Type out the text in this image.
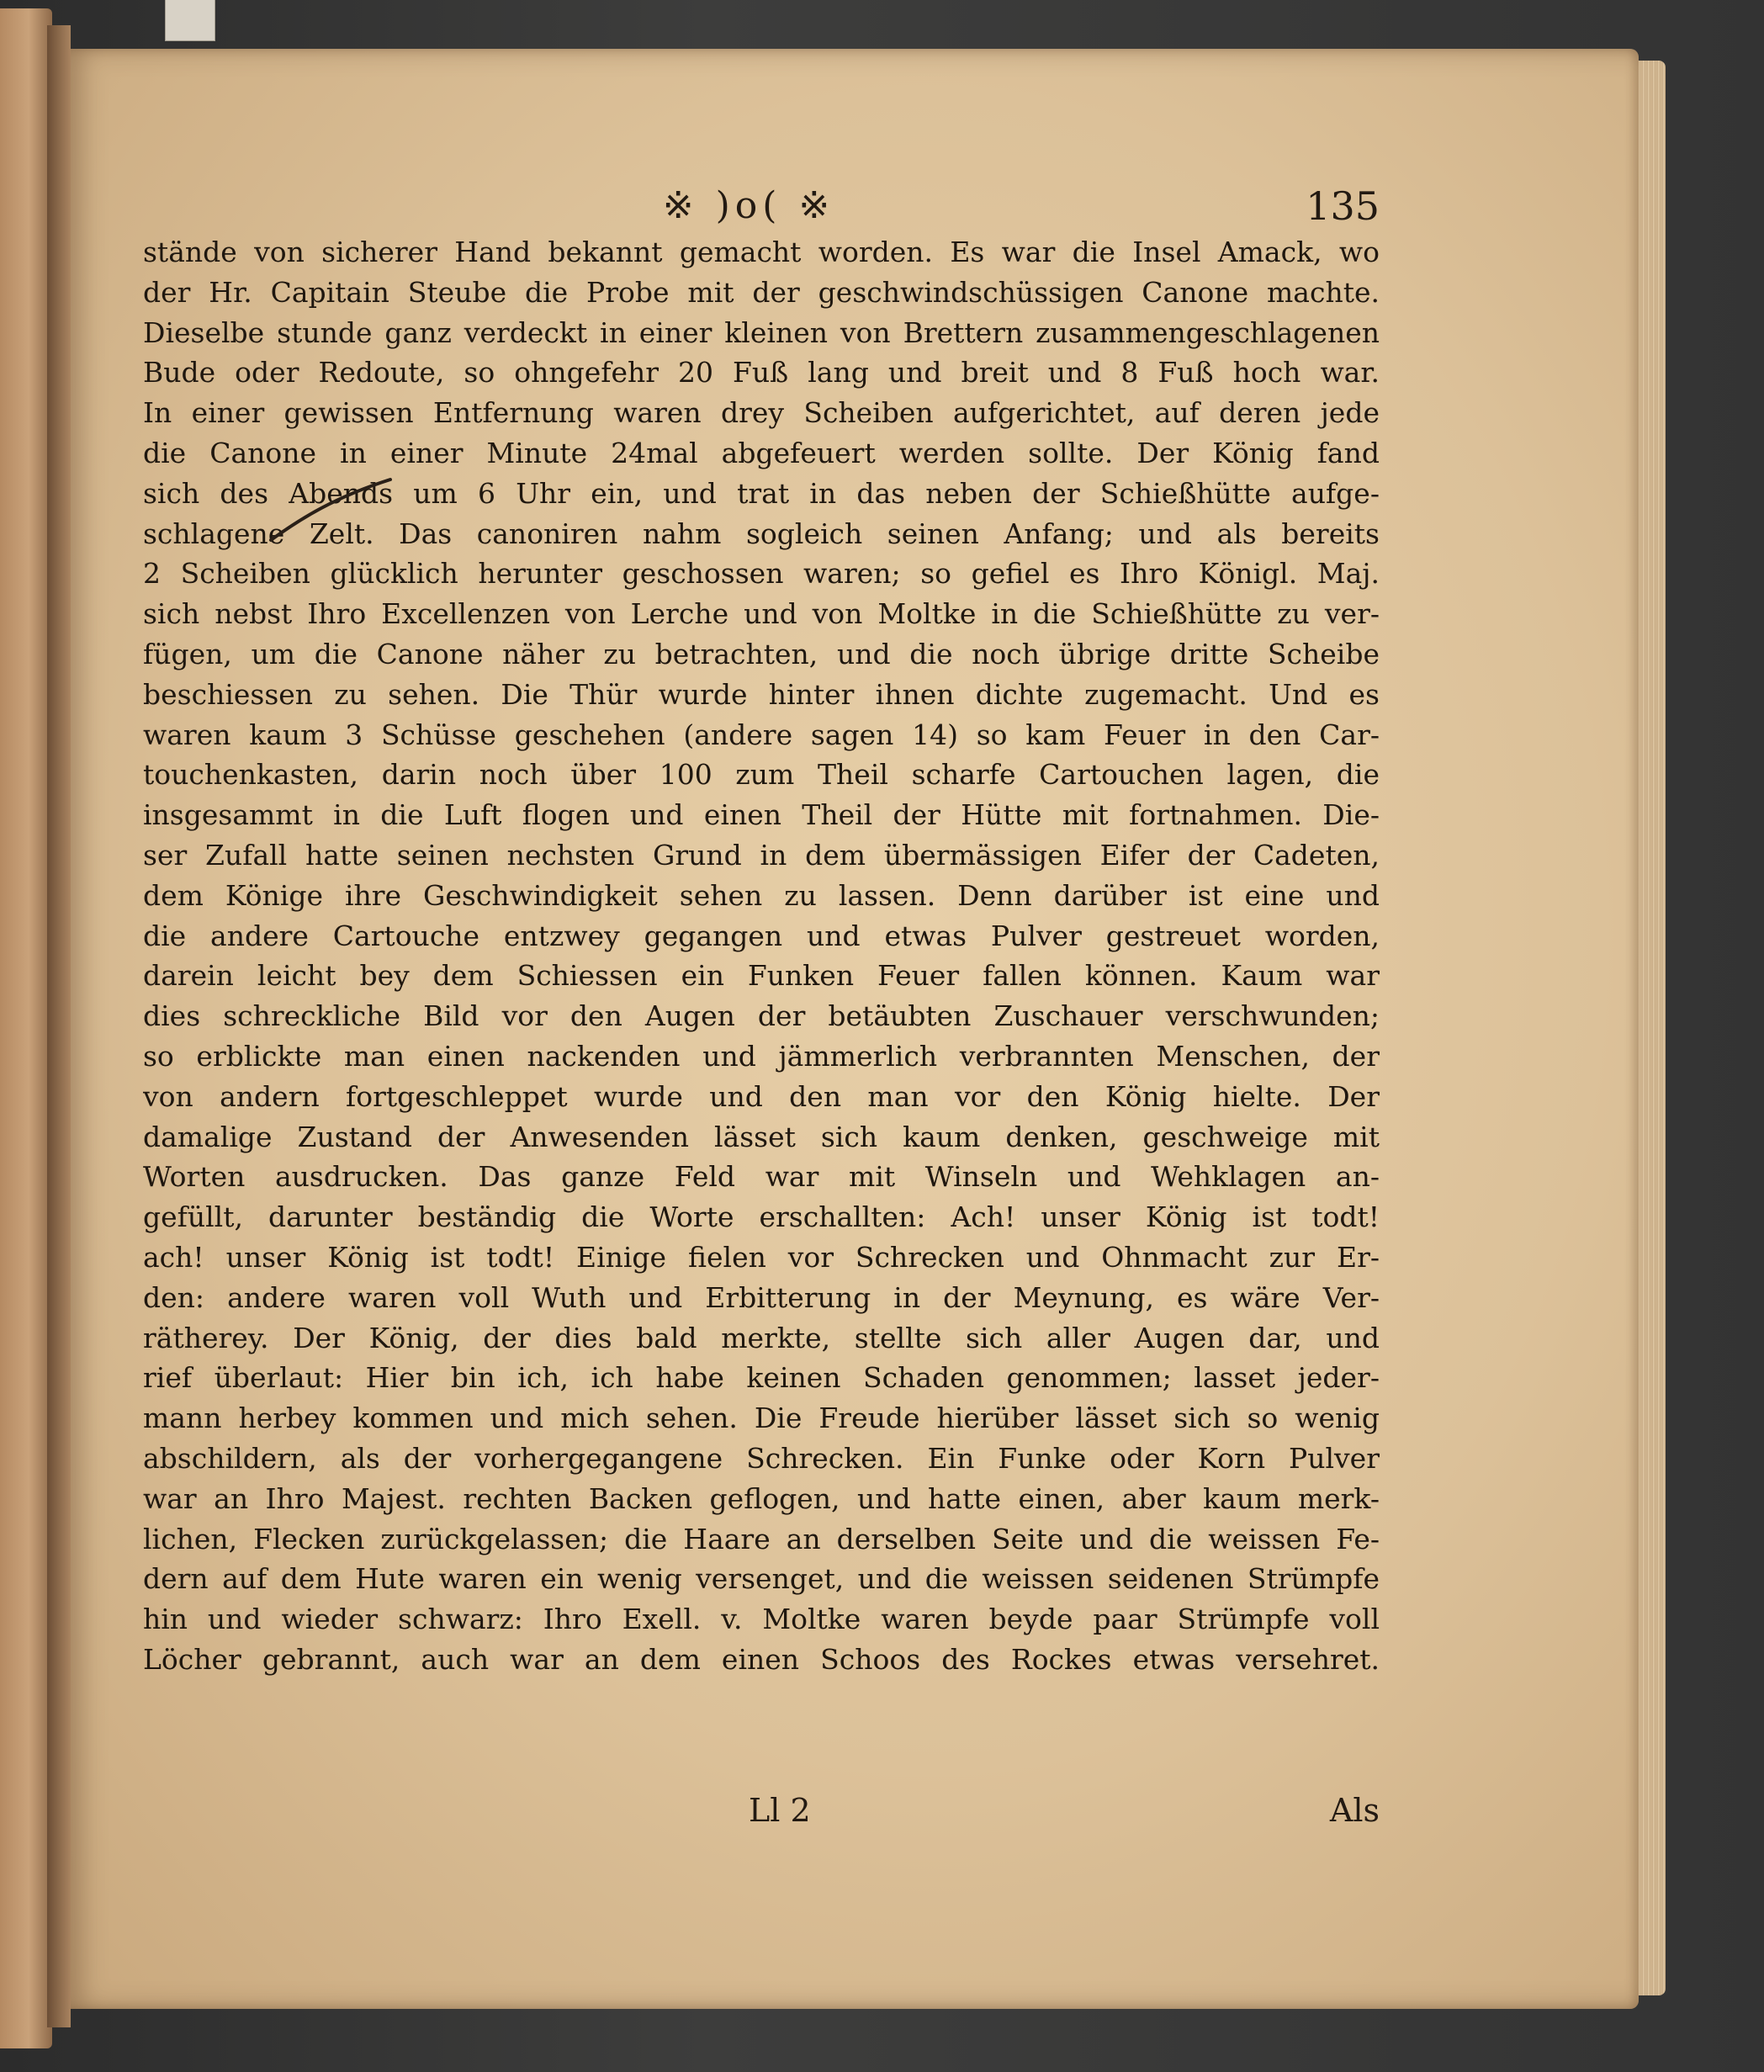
※ )o( ※	135
stände von sicherer Hand bekannt gemacht worden. Es war die Insel Amack, wo
der Hr. Capitain Steube die Probe mit der geschwindschüssigen Canone machte.
Dieselbe stunde ganz verdeckt in einer kleinen von Brettern zusammengeschlagenen
Bude oder Redoute, so ohngefehr 20 Fuß lang und breit und 8 Fuß hoch war.
In einer gewissen Entfernung waren drey Scheiben aufgerichtet, auf deren jede
die Canone in einer Minute 24mal abgefeuert werden sollte. Der König fand
sich des Abends um 6 Uhr ein, und trat in das neben der Schießhütte aufge-
schlagene Zelt. Das canoniren nahm sogleich seinen Anfang; und als bereits
2 Scheiben glücklich herunter geschossen waren; so gefiel es Ihro Königl. Maj.
sich nebst Ihro Excellenzen von Lerche und von Moltke in die Schießhütte zu ver-
fügen, um die Canone näher zu betrachten, und die noch übrige dritte Scheibe
beschiessen zu sehen. Die Thür wurde hinter ihnen dichte zugemacht. Und es
waren kaum 3 Schüsse geschehen (andere sagen 14) so kam Feuer in den Car-
touchenkasten, darin noch über 100 zum Theil scharfe Cartouchen lagen, die
insgesammt in die Luft flogen und einen Theil der Hütte mit fortnahmen. Die-
ser Zufall hatte seinen nechsten Grund in dem übermässigen Eifer der Cadeten,
dem Könige ihre Geschwindigkeit sehen zu lassen. Denn darüber ist eine und
die andere Cartouche entzwey gegangen und etwas Pulver gestreuet worden,
darein leicht bey dem Schiessen ein Funken Feuer fallen können. Kaum war
dies schreckliche Bild vor den Augen der betäubten Zuschauer verschwunden;
so erblickte man einen nackenden und jämmerlich verbrannten Menschen, der
von andern fortgeschleppet wurde und den man vor den König hielte. Der
damalige Zustand der Anwesenden lässet sich kaum denken, geschweige mit
Worten ausdrucken. Das ganze Feld war mit Winseln und Wehklagen an-
gefüllt, darunter beständig die Worte erschallten: Ach! unser König ist todt!
ach! unser König ist todt! Einige fielen vor Schrecken und Ohnmacht zur Er-
den: andere waren voll Wuth und Erbitterung in der Meynung, es wäre Ver-
rätherey. Der König, der dies bald merkte, stellte sich aller Augen dar, und
rief überlaut: Hier bin ich, ich habe keinen Schaden genommen; lasset jeder-
mann herbey kommen und mich sehen. Die Freude hierüber lässet sich so wenig
abschildern, als der vorhergegangene Schrecken. Ein Funke oder Korn Pulver
war an Ihro Majest. rechten Backen geflogen, und hatte einen, aber kaum merk-
lichen, Flecken zurückgelassen; die Haare an derselben Seite und die weissen Fe-
dern auf dem Hute waren ein wenig versenget, und die weissen seidenen Strümpfe
hin und wieder schwarz: Ihro Exell. v. Moltke waren beyde paar Strümpfe voll
Löcher gebrannt, auch war an dem einen Schoos des Rockes etwas versehret.
Ll 2	Als
